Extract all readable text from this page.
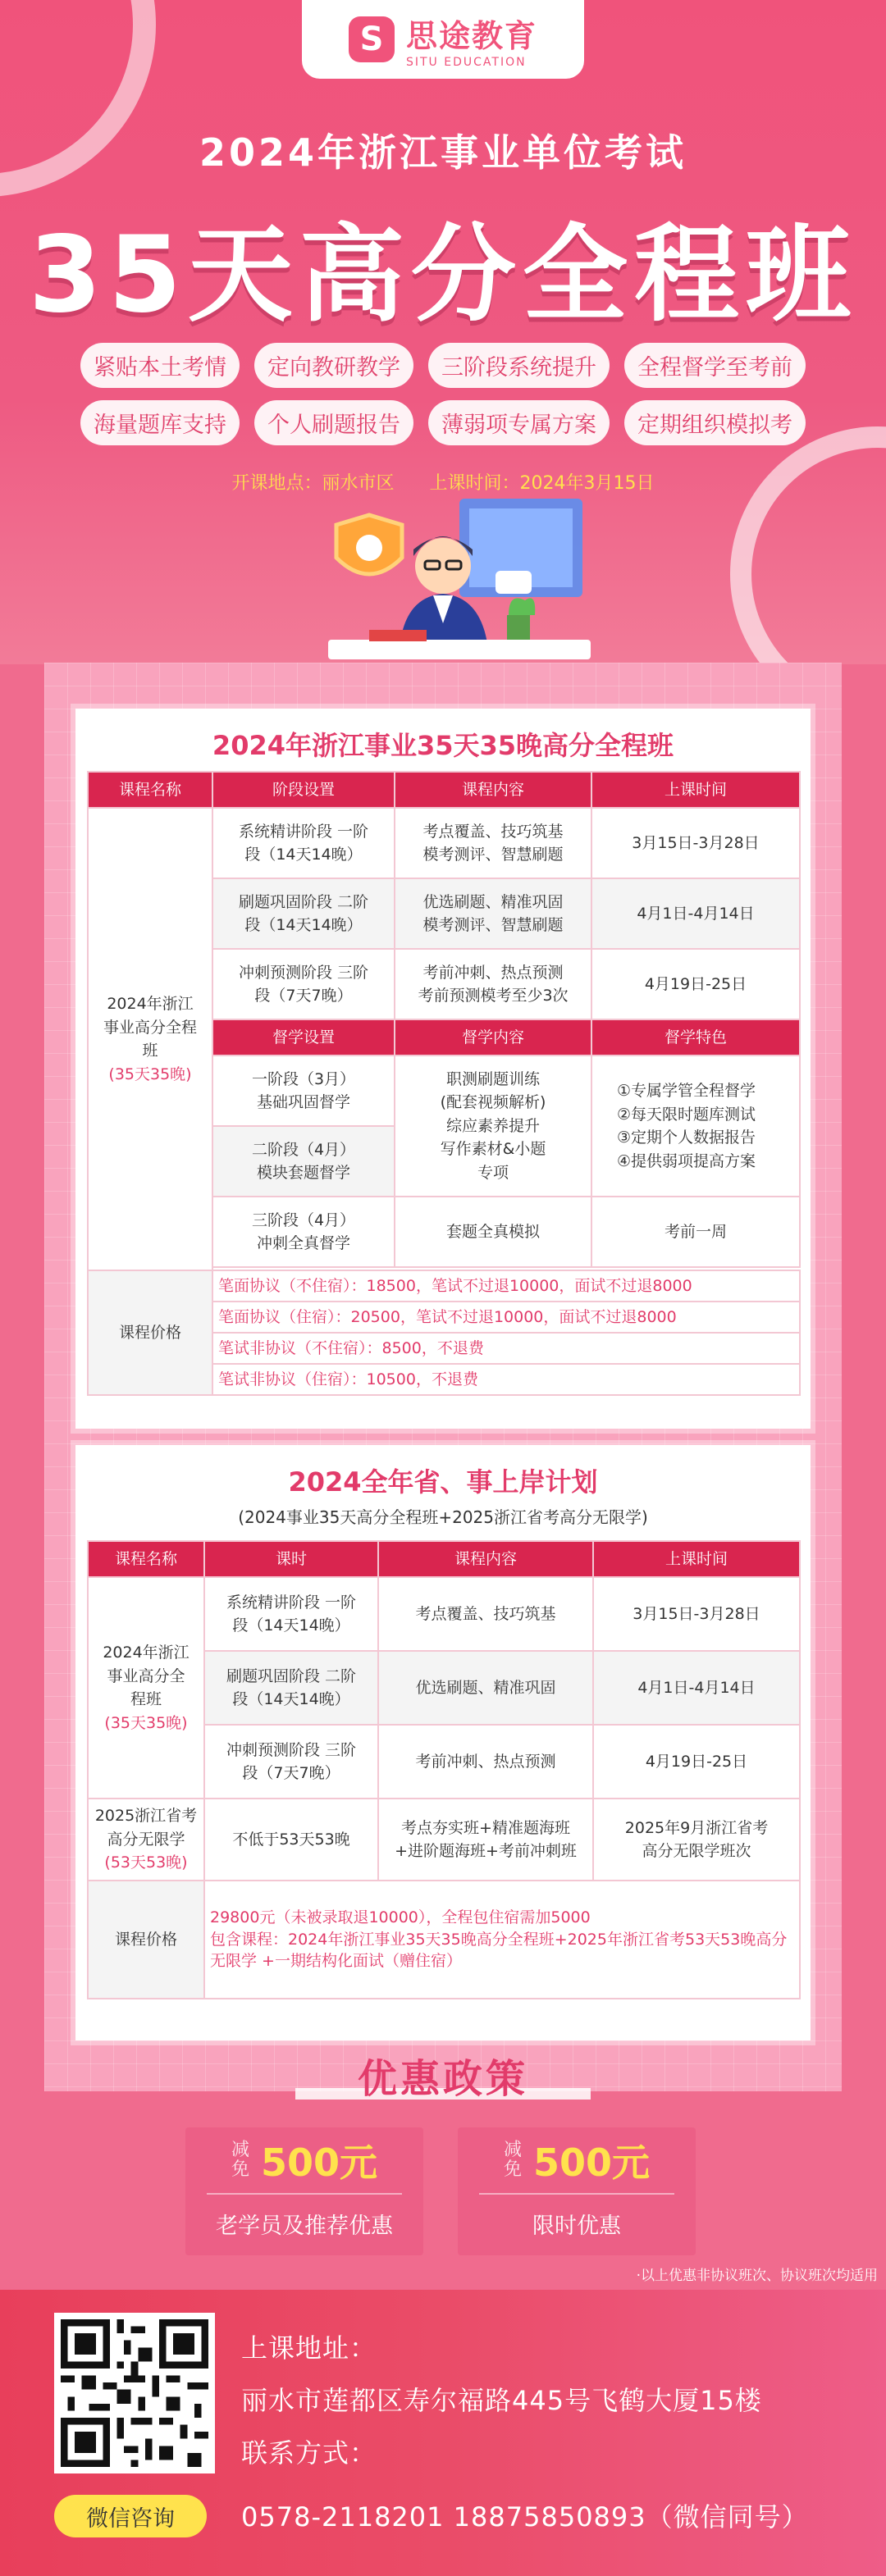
S 思途教育
SITU EDUCATION
2024年浙江事业单位考试
35天高分全程班
紧贴本土考情	定向教研教学	三阶段系统提升	全程督学至考前
海量题库支持	个人刷题报告	薄弱项专属方案	定期组织模拟考
开课地点：丽水市区 上课时间：2024年3月15日
2024年浙江事业35天35晚高分全程班
课程名称	阶段设置	课程内容	上课时间

2024年浙江事业高分全程班
(35天35晚)	系统精讲阶段 一阶段（14天14晚）	考点覆盖、技巧筑基 模考测评、智慧刷题	3月15日-3月28日
	刷题巩固阶段 二阶段（14天14晚）	优选刷题、精准巩固 模考测评、智慧刷题	4月1日-4月14日
	冲刺预测阶段 三阶段（7天7晚）	考前冲刺、热点预测 考前预测模考至少3次	4月19日-25日
	督学设置	督学内容	督学特色
	一阶段（3月） 基础巩固督学	职测刷题训练 (配套视频解析) 综应素养提升 写作素材&小题专项	①专属学管全程督学 ②每天限时题库测试 ③定期个人数据报告 ④提供弱项提高方案
	二阶段（4月） 模块套题督学		
	三阶段（4月） 冲刺全真督学	套题全真模拟	考前一周

课程价格	笔面协议（不住宿）：18500，笔试不过退10000，面试不过退8000		
	笔面协议（住宿）：20500，笔试不过退10000，面试不过退8000		
	笔试非协议（不住宿）：8500，不退费		
	笔试非协议（住宿）：10500，不退费		
2024全年省、事上岸计划
(2024事业35天高分全程班+2025浙江省考高分无限学)
课程名称	课时	课程内容	上课时间

2024年浙江事业高分全程班
(35天35晚)	系统精讲阶段 一阶段（14天14晚）	考点覆盖、技巧筑基	3月15日-3月28日
	刷题巩固阶段 二阶段（14天14晚）	优选刷题、精准巩固	4月1日-4月14日
	冲刺预测阶段 三阶段（7天7晚）	考前冲刺、热点预测	4月19日-25日

2025浙江省考高分无限学
(53天53晚)	不低于53天53晚	考点夯实班+精准题海班 +进阶题海班+考前冲刺班	2025年9月浙江省考 高分无限学班次
课程价格	29800元（未被录取退10000），全程包住宿需加5000
包含课程：2024年浙江事业35天35晚高分全程班+2025年浙江省考53天53晚高分无限学 +一期结构化面试（赠住宿）		
优惠政策
减免 500元
老学员及推荐优惠
减免 500元
限时优惠
·以上优惠非协议班次、协议班次均适用
微信咨询
上课地址：
丽水市莲都区寿尔福路445号飞鹤大厦15楼
联系方式：
0578-2118201 18875850893（微信同号）
